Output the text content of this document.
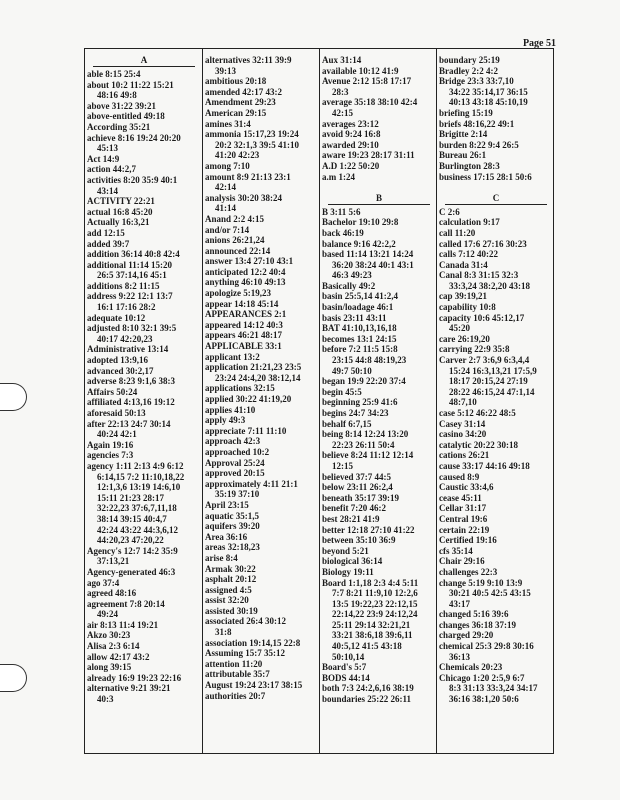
Page 51
A
able 8:15 25:4
about 10:2 11:22 15:21
48:16 49:8
above 31:22 39:21
above-entitled 49:18
According 35:21
achieve 8:16 19:24 20:20
45:13
Act 14:9
action 44:2,7
activities 8:20 35:9 40:1
43:14
ACTIVITY 22:21
actual 16:8 45:20
Actually 16:3,21
add 12:15
added 39:7
addition 36:14 40:8 42:4
additional 11:14 15:20
26:5 37:14,16 45:1
additions 8:2 11:15
address 9:22 12:1 13:7
16:1 17:16 28:2
adequate 10:12
adjusted 8:10 32:1 39:5
40:17 42:20,23
Administrative 13:14
adopted 13:9,16
advanced 30:2,17
adverse 8:23 9:1,6 38:3
Affairs 50:24
affiliated 4:13,16 19:12
aforesaid 50:13
after 22:13 24:7 30:14
40:24 42:1
Again 19:16
agencies 7:3
agency 1:11 2:13 4:9 6:12
6:14,15 7:2 11:10,18,22
12:1,3,6 13:19 14:6,10
15:11 21:23 28:17
32:22,23 37:6,7,11,18
38:14 39:15 40:4,7
42:24 43:22 44:3,6,12
44:20,23 47:20,22
Agency's 12:7 14:2 35:9
37:13,21
Agency-generated 46:3
ago 37:4
agreed 48:16
agreement 7:8 20:14
49:24
air 8:13 11:4 19:21
Akzo 30:23
Alisa 2:3 6:14
allow 42:17 43:2
along 39:15
already 16:9 19:23 22:16
alternative 9:21 39:21
40:3
alternatives 32:11 39:9
39:13
ambitious 20:18
amended 42:17 43:2
Amendment 29:23
American 29:15
amines 31:4
ammonia 15:17,23 19:24
20:2 32:1,3 39:5 41:10
41:20 42:23
among 7:10
amount 8:9 21:13 23:1
42:14
analysis 30:20 38:24
41:14
Anand 2:2 4:15
and/or 7:14
anions 26:21,24
announced 22:14
answer 13:4 27:10 43:1
anticipated 12:2 40:4
anything 46:10 49:13
apologize 5:19,23
appear 14:18 45:14
APPEARANCES 2:1
appeared 14:12 40:3
appears 46:21 48:17
APPLICABLE 33:1
applicant 13:2
application 21:21,23 23:5
23:24 24:4,20 38:12,14
applications 32:15
applied 30:22 41:19,20
applies 41:10
apply 49:3
appreciate 7:11 11:10
approach 42:3
approached 10:2
Approval 25:24
approved 20:15
approximately 4:11 21:1
35:19 37:10
April 23:15
aquatic 35:1,5
aquifers 39:20
Area 36:16
areas 32:18,23
arise 8:4
Armak 30:22
asphalt 20:12
assigned 4:5
assist 32:20
assisted 30:19
associated 26:4 30:12
31:8
association 19:14,15 22:8
Assuming 15:7 35:12
attention 11:20
attributable 35:7
August 19:24 23:17 38:15
authorities 20:7
Aux 31:14
available 10:12 41:9
Avenue 2:12 15:8 17:17
28:3
average 35:18 38:10 42:4
42:15
averages 23:12
avoid 9:24 16:8
awarded 29:10
aware 19:23 28:17 31:11
A.D 1:22 50:20
a.m 1:24
B
B 3:11 5:6
Bachelor 19:10 29:8
back 46:19
balance 9:16 42:2,2
based 11:14 13:21 14:24
36:20 38:24 40:1 43:1
46:3 49:23
Basically 49:2
basin 25:5,14 41:2,4
basin/loadage 46:1
basis 23:11 43:11
BAT 41:10,13,16,18
becomes 13:1 24:15
before 7:2 11:5 15:8
23:15 44:8 48:19,23
49:7 50:10
began 19:9 22:20 37:4
begin 45:5
beginning 25:9 41:6
begins 24:7 34:23
behalf 6:7,15
being 8:14 12:24 13:20
22:23 26:11 50:4
believe 8:24 11:12 12:14
12:15
believed 37:7 44:5
below 23:11 26:2,4
beneath 35:17 39:19
benefit 7:20 46:2
best 28:21 41:9
better 12:18 27:10 41:22
between 35:10 36:9
beyond 5:21
biological 36:14
Biology 19:11
Board 1:1,18 2:3 4:4 5:11
7:7 8:21 11:9,10 12:2,6
13:5 19:22,23 22:12,15
22:14,22 23:9 24:12,24
25:11 29:14 32:21,21
33:21 38:6,18 39:6,11
40:5,12 41:5 43:18
50:10,14
Board's 5:7
BODS 44:14
both 7:3 24:2,6,16 38:19
boundaries 25:22 26:11
boundary 25:19
Bradley 2:2 4:2
Bridge 23:3 33:7,10
34:22 35:14,17 36:15
40:13 43:18 45:10,19
briefing 15:19
briefs 48:16,22 49:1
Brigitte 2:14
burden 8:22 9:4 26:5
Bureau 26:1
Burlington 28:3
business 17:15 28:1 50:6
C
C 2:6
calculation 9:17
call 11:20
called 17:6 27:16 30:23
calls 7:12 40:22
Canada 31:4
Canal 8:3 31:15 32:3
33:3,24 38:2,20 43:18
cap 39:19,21
capability 10:8
capacity 10:6 45:12,17
45:20
care 26:19,20
carrying 22:9 35:8
Carver 2:7 3:6,9 6:3,4,4
15:24 16:3,13,21 17:5,9
18:17 20:15,24 27:19
28:22 46:15,24 47:1,14
48:7,10
case 5:12 46:22 48:5
Casey 31:14
casino 34:20
catalytic 20:22 30:18
cations 26:21
cause 33:17 44:16 49:18
caused 8:9
Caustic 33:4,6
cease 45:11
Cellar 31:17
Central 19:6
certain 22:19
Certified 19:16
cfs 35:14
Chair 29:16
challenges 22:3
change 5:19 9:10 13:9
30:21 40:5 42:5 43:15
43:17
changed 5:16 39:6
changes 36:18 37:19
charged 29:20
chemical 25:3 29:8 30:16
36:13
Chemicals 20:23
Chicago 1:20 2:5,9 6:7
8:3 31:13 33:3,24 34:17
36:16 38:1,20 50:6
